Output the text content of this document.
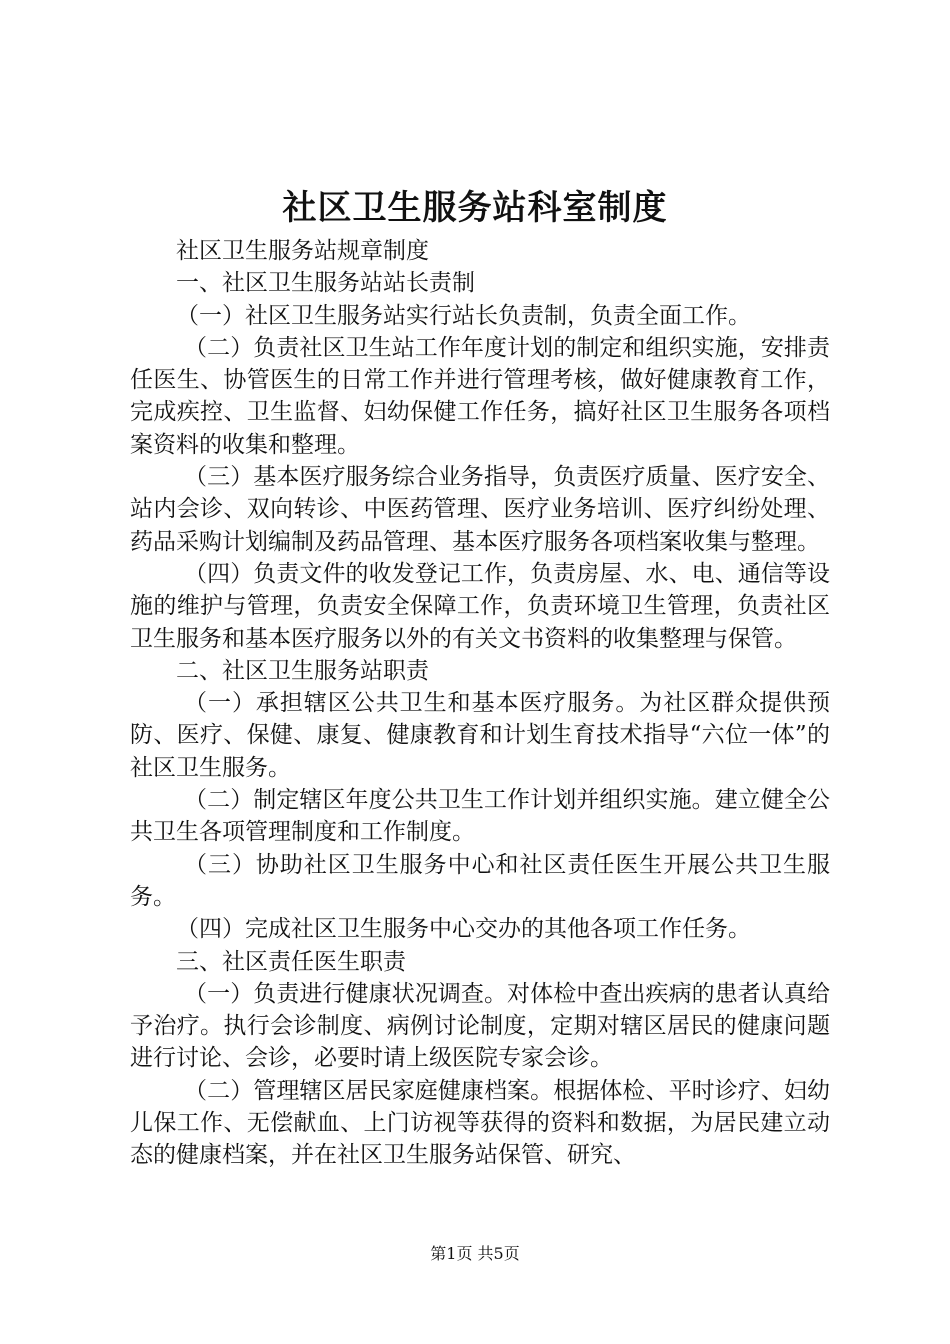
社区卫生服务站科室制度

社区卫生服务站规章制度

一、社区卫生服务站站长责制

（一）社区卫生服务站实行站长负责制，负责全面工作。

（二）负责社区卫生站工作年度计划的制定和组织实施，安排责任医生、协管医生的日常工作并进行管理考核，做好健康教育工作，完成疾控、卫生监督、妇幼保健工作任务，搞好社区卫生服务各项档案资料的收集和整理。

（三）基本医疗服务综合业务指导，负责医疗质量、医疗安全、站内会诊、双向转诊、中医药管理、医疗业务培训、医疗纠纷处理、药品采购计划编制及药品管理、基本医疗服务各项档案收集与整理。

（四）负责文件的收发登记工作，负责房屋、水、电、通信等设施的维护与管理，负责安全保障工作，负责环境卫生管理，负责社区卫生服务和基本医疗服务以外的有关文书资料的收集整理与保管。

二、社区卫生服务站职责

（一）承担辖区公共卫生和基本医疗服务。为社区群众提供预防、医疗、保健、康复、健康教育和计划生育技术指导“六位一体”的社区卫生服务。

（二）制定辖区年度公共卫生工作计划并组织实施。建立健全公共卫生各项管理制度和工作制度。

（三）协助社区卫生服务中心和社区责任医生开展公共卫生服务。

（四）完成社区卫生服务中心交办的其他各项工作任务。

三、社区责任医生职责

（一）负责进行健康状况调查。对体检中查出疾病的患者认真给予治疗。执行会诊制度、病例讨论制度，定期对辖区居民的健康问题进行讨论、会诊，必要时请上级医院专家会诊。

（二）管理辖区居民家庭健康档案。根据体检、平时诊疗、妇幼儿保工作、无偿献血、上门访视等获得的资料和数据，为居民建立动态的健康档案，并在社区卫生服务站保管、研究、

第1页 共5页
